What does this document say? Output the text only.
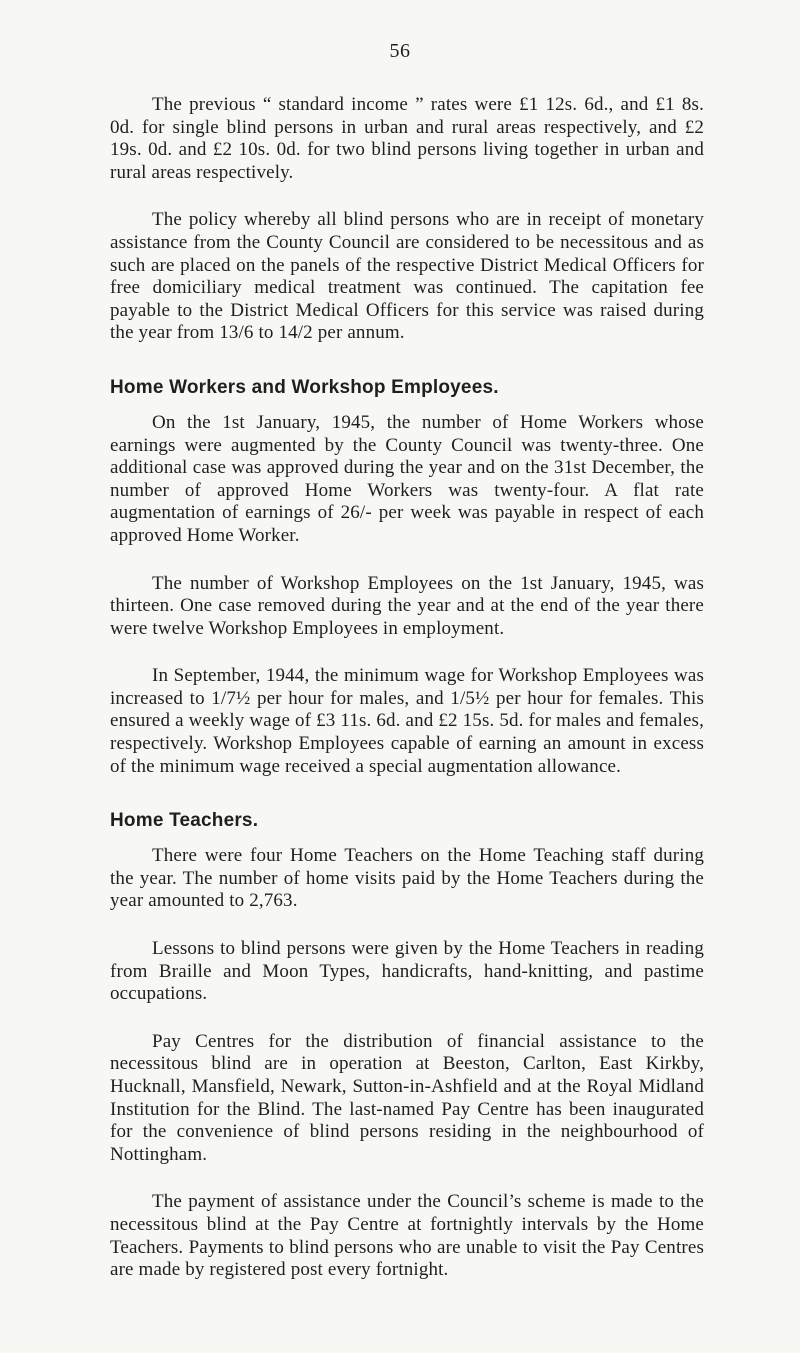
56

The previous “ standard income ” rates were £1 12s. 6d., and £1 8s. 0d. for single blind persons in urban and rural areas respectively, and £2 19s. 0d. and £2 10s. 0d. for two blind persons living together in urban and rural areas respectively.

The policy whereby all blind persons who are in receipt of monetary assistance from the County Council are considered to be necessitous and as such are placed on the panels of the respective District Medical Officers for free domiciliary medical treatment was continued. The capitation fee payable to the District Medical Officers for this service was raised during the year from 13/6 to 14/2 per annum.

Home Workers and Workshop Employees.

On the 1st January, 1945, the number of Home Workers whose earnings were augmented by the County Council was twenty-three. One additional case was approved during the year and on the 31st December, the number of approved Home Workers was twenty-four. A flat rate augmentation of earnings of 26/- per week was payable in respect of each approved Home Worker.

The number of Workshop Employees on the 1st January, 1945, was thirteen. One case removed during the year and at the end of the year there were twelve Workshop Employees in employment.

In September, 1944, the minimum wage for Workshop Employees was increased to 1/7½ per hour for males, and 1/5½ per hour for females. This ensured a weekly wage of £3 11s. 6d. and £2 15s. 5d. for males and females, respectively. Workshop Employees capable of earning an amount in excess of the minimum wage received a special augmentation allowance.

Home Teachers.

There were four Home Teachers on the Home Teaching staff during the year. The number of home visits paid by the Home Teachers during the year amounted to 2,763.

Lessons to blind persons were given by the Home Teachers in reading from Braille and Moon Types, handicrafts, hand-knitting, and pastime occupations.

Pay Centres for the distribution of financial assistance to the necessitous blind are in operation at Beeston, Carlton, East Kirkby, Hucknall, Mansfield, Newark, Sutton-in-Ashfield and at the Royal Midland Institution for the Blind. The last-named Pay Centre has been inaugurated for the convenience of blind persons residing in the neighbourhood of Nottingham.

The payment of assistance under the Council’s scheme is made to the necessitous blind at the Pay Centre at fortnightly intervals by the Home Teachers. Payments to blind persons who are unable to visit the Pay Centres are made by registered post every fortnight.
